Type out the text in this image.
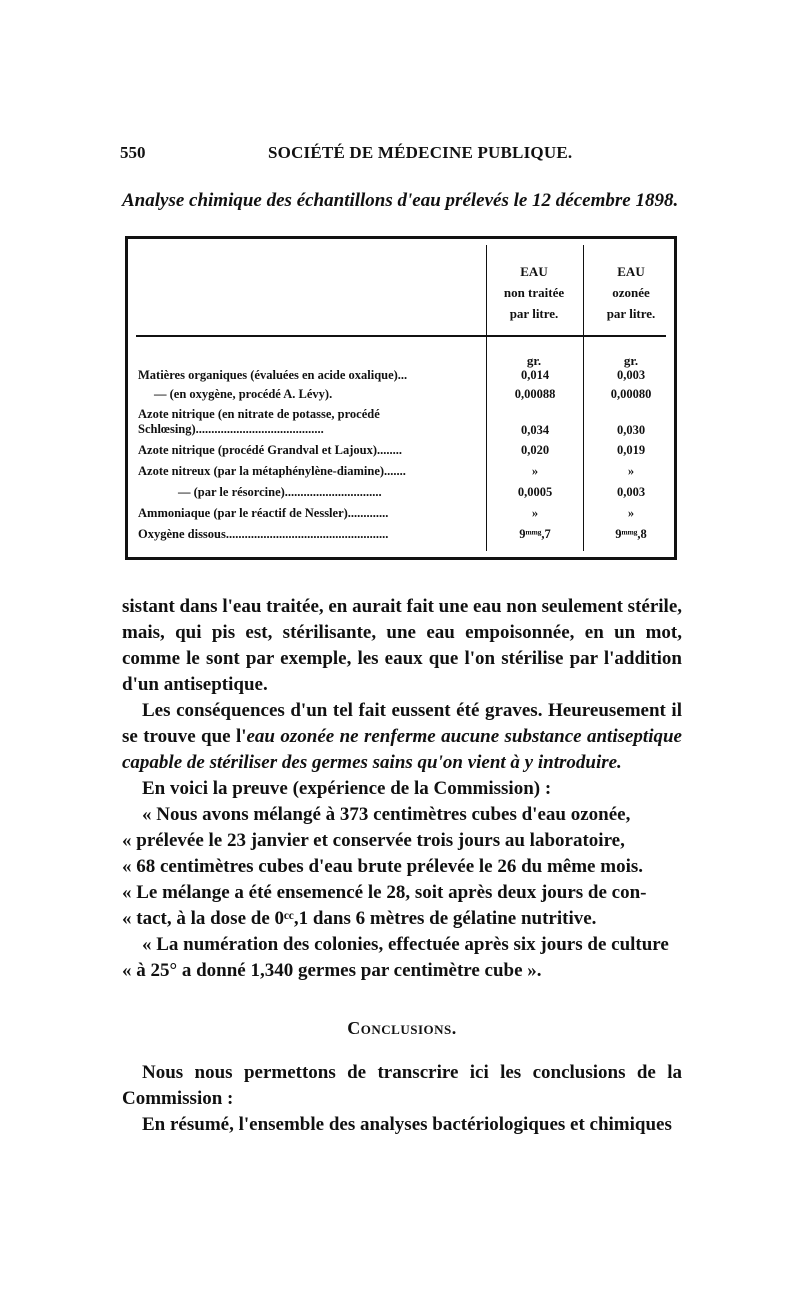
550	SOCIÉTÉ DE MÉDECINE PUBLIQUE.
Analyse chimique des échantillons d'eau prélevés le 12 décembre 1898.
EAU
non traitée
par litre.
EAU
ozonée
par litre.
gr.	gr.
Matières organiques (évaluées en acide oxalique)...	0,014	0,003
— (en oxygène, procédé A. Lévy).	0,00088	0,00080
Azote nitrique (en nitrate de potasse, procédé Schlœsing).........................................	0,034	0,030
Azote nitrique (procédé Grandval et Lajoux)........	0,020	0,019
Azote nitreux (par la métaphénylène-diamine).......	»	»
— (par le résorcine)...............................	0,0005	0,003
Ammoniaque (par le réactif de Nessler).............	»	»
Oxygène dissous....................................................	9ᵐᵐᵍ,7	9ᵐᵐᵍ,8

sistant dans l'eau traitée, en aurait fait une eau non seulement stérile, mais, qui pis est, stérilisante, une eau empoisonnée, en un mot, comme le sont par exemple, les eaux que l'on stérilise par l'addition d'un antiseptique.

Les conséquences d'un tel fait eussent été graves. Heureusement il se trouve que l'eau ozonée ne renferme aucune substance antiseptique capable de stériliser des germes sains qu'on vient à y introduire.

En voici la preuve (expérience de la Commission) :

« Nous avons mélangé à 373 centimètres cubes d'eau ozonée,

« prélevée le 23 janvier et conservée trois jours au laboratoire,

« 68 centimètres cubes d'eau brute prélevée le 26 du même mois.

« Le mélange a été ensemencé le 28, soit après deux jours de con-

« tact, à la dose de 0ᶜᶜ,1 dans 6 mètres de gélatine nutritive.

« La numération des colonies, effectuée après six jours de culture

« à 25° a donné 1,340 germes par centimètre cube ».

Conclusions.

Nous nous permettons de transcrire ici les conclusions de la Commission :

En résumé, l'ensemble des analyses bactériologiques et chimiques
